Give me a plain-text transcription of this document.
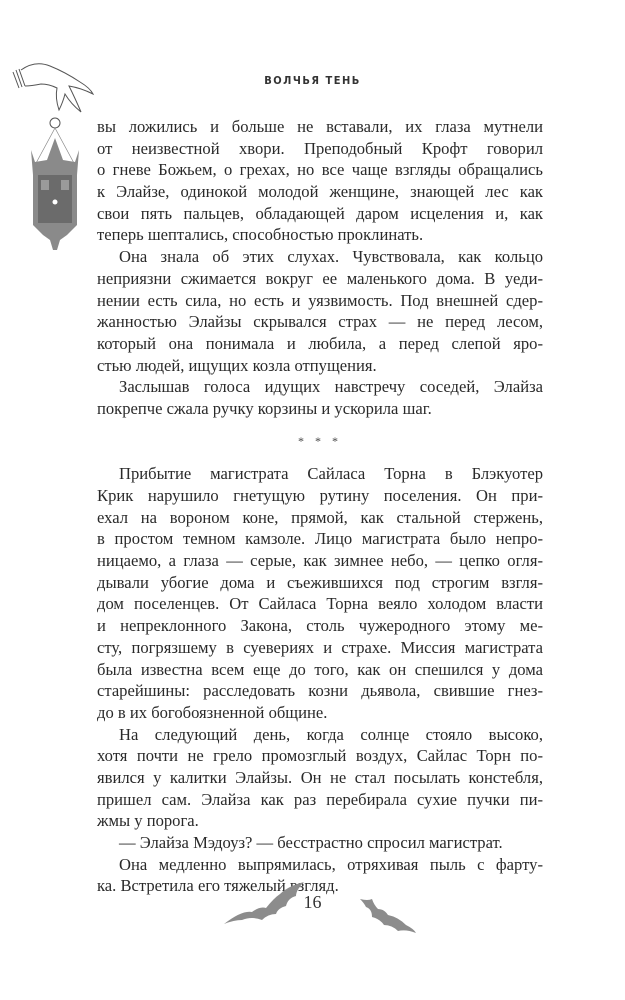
ВОЛЧЬЯ ТЕНЬ
вы ложились и больше не вставали, их глаза мутнели
от неизвестной хвори. Преподобный Крофт говорил
о гневе Божьем, о грехах, но все чаще взгляды обращались
к Элайзе, одинокой молодой женщине, знающей лес как
свои пять пальцев, обладающей даром исцеления и, как
теперь шептались, способностью проклинать.
Она знала об этих слухах. Чувствовала, как кольцо
неприязни сжимается вокруг ее маленького дома. В уеди-
нении есть сила, но есть и уязвимость. Под внешней сдер-
жанностью Элайзы скрывался страх — не перед лесом,
который она понимала и любила, а перед слепой яро-
стью людей, ищущих козла отпущения.
Заслышав голоса идущих навстречу соседей, Элайза
покрепче сжала ручку корзины и ускорила шаг.
* * *
Прибытие магистрата Сайласа Торна в Блэкуотер
Крик нарушило гнетущую рутину поселения. Он при-
ехал на вороном коне, прямой, как стальной стержень,
в простом темном камзоле. Лицо магистрата было непро-
ницаемо, а глаза — серые, как зимнее небо, — цепко огля-
дывали убогие дома и съежившихся под строгим взгля-
дом поселенцев. От Сайласа Торна веяло холодом власти
и непреклонного Закона, столь чужеродного этому ме-
сту, погрязшему в суевериях и страхе. Миссия магистрата
была известна всем еще до того, как он спешился у дома
старейшины: расследовать козни дьявола, свившие гнез-
до в их богобоязненной общине.
На следующий день, когда солнце стояло высоко,
хотя почти не грело промозглый воздух, Сайлас Торн по-
явился у калитки Элайзы. Он не стал посылать констебля,
пришел сам. Элайза как раз перебирала сухие пучки пи-
жмы у порога.
— Элайза Мэдоуз? — бесстрастно спросил магистрат.
Она медленно выпрямилась, отряхивая пыль с фарту-
ка. Встретила его тяжелый взгляд.
16
